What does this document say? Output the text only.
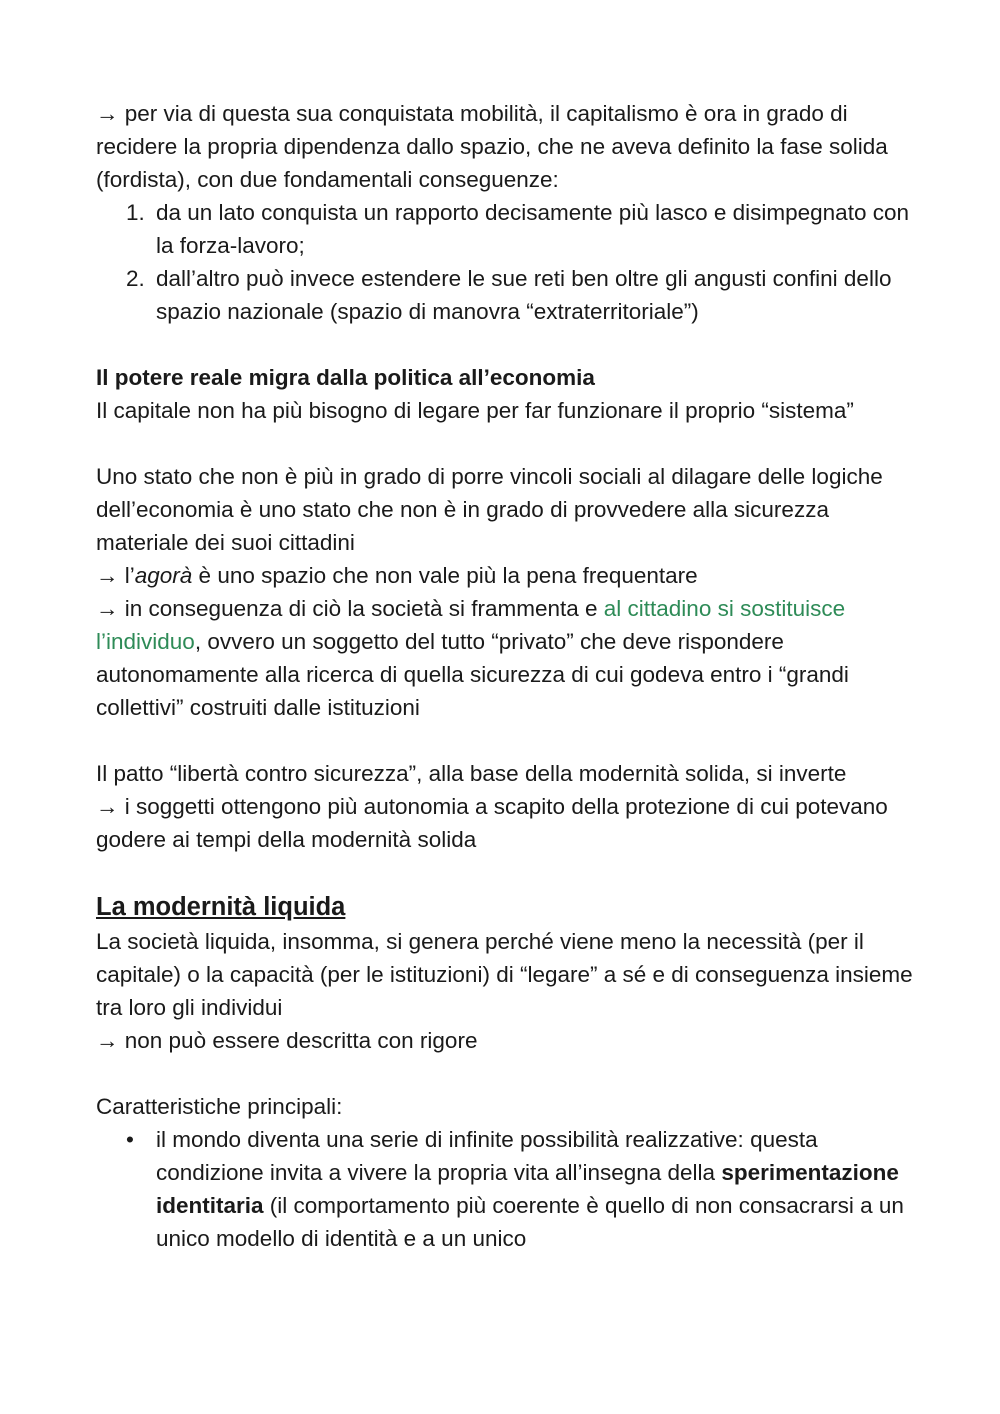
→ per via di questa sua conquistata mobilità, il capitalismo è ora in grado di recidere la propria dipendenza dallo spazio, che ne aveva definito la fase solida (fordista), con due fondamentali conseguenze:

1. da un lato conquista un rapporto decisamente più lasco e disimpegnato con la forza-lavoro;
2. dall’altro può invece estendere le sue reti ben oltre gli angusti confini dello spazio nazionale (spazio di manovra “extraterritoriale”)

Il potere reale migra dalla politica all’economia

Il capitale non ha più bisogno di legare per far funzionare il proprio “sistema”

Uno stato che non è più in grado di porre vincoli sociali al dilagare delle logiche dell’economia è uno stato che non è in grado di provvedere alla sicurezza materiale dei suoi cittadini

→ l’agorà è uno spazio che non vale più la pena frequentare

→ in conseguenza di ciò la società si frammenta e al cittadino si sostituisce l’individuo, ovvero un soggetto del tutto “privato” che deve rispondere autonomamente alla ricerca di quella sicurezza di cui godeva entro i “grandi collettivi” costruiti dalle istituzioni

Il patto “libertà contro sicurezza”, alla base della modernità solida, si inverte

→ i soggetti ottengono più autonomia a scapito della protezione di cui potevano godere ai tempi della modernità solida

La modernità liquida

La società liquida, insomma, si genera perché viene meno la necessità (per il capitale) o la capacità (per le istituzioni) di “legare” a sé e di conseguenza insieme tra loro gli individui

→ non può essere descritta con rigore

Caratteristiche principali:

• il mondo diventa una serie di infinite possibilità realizzative: questa condizione invita a vivere la propria vita all’insegna della sperimentazione identitaria (il comportamento più coerente è quello di non consacrarsi a un unico modello di identità e a un unico
